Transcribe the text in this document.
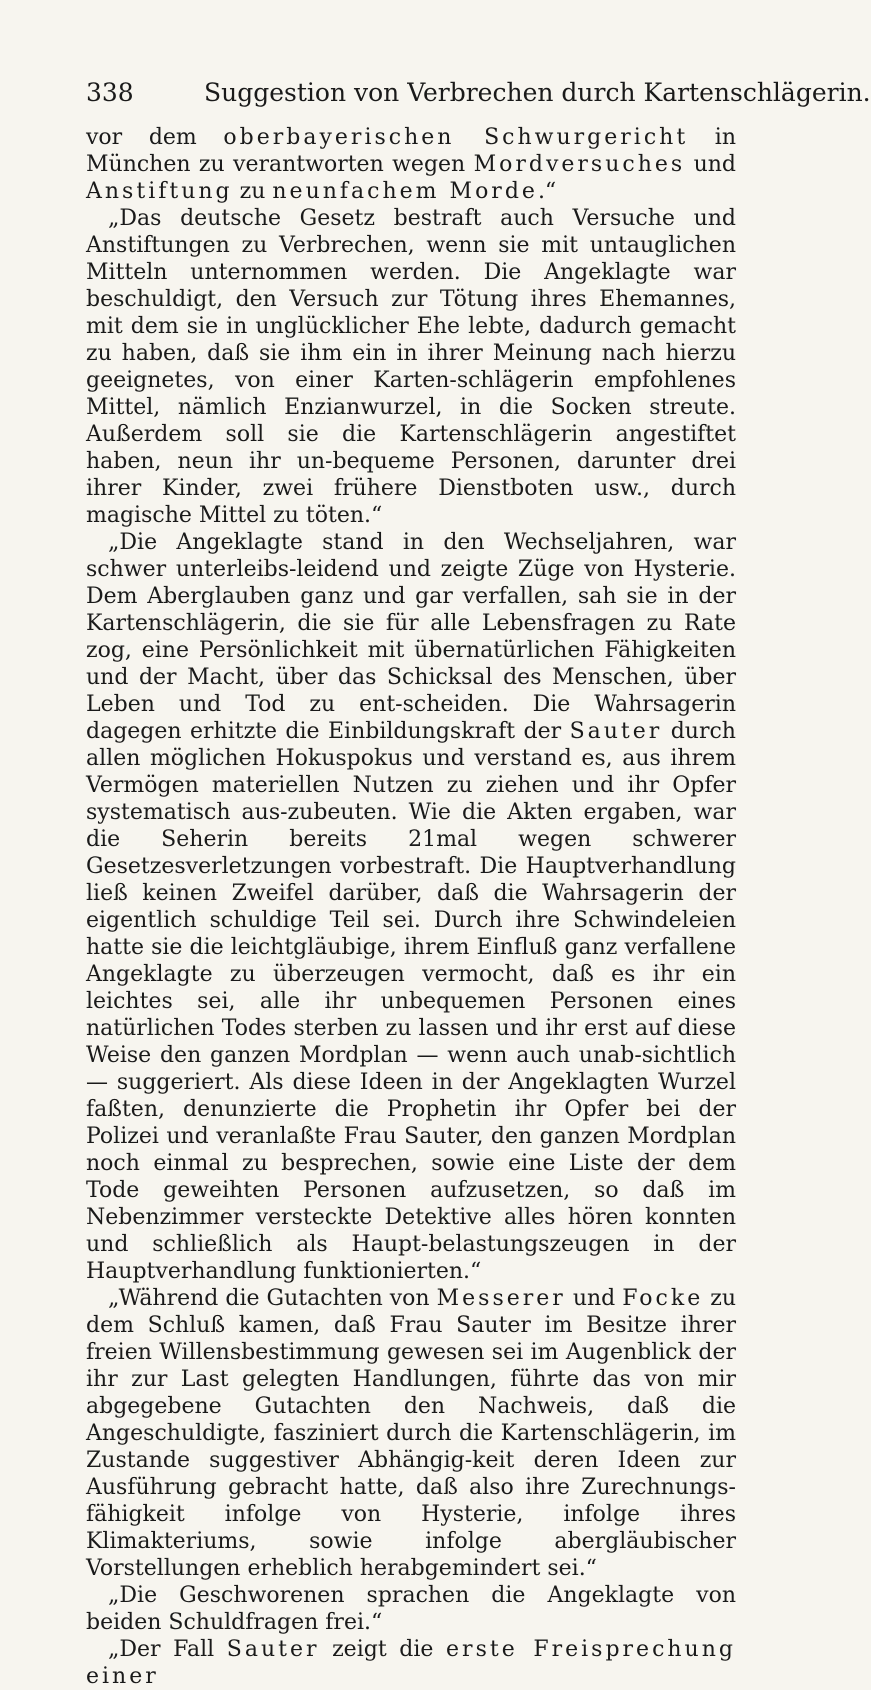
338	Suggestion von Verbrechen durch Kartenschlägerin.

vor dem oberbayerischen Schwurgericht in München zu verantworten wegen Mordversuches und Anstiftung zu neunfachem Morde.“

„Das deutsche Gesetz bestraft auch Versuche und Anstiftungen zu Verbrechen, wenn sie mit untauglichen Mitteln unternommen werden. Die Angeklagte war beschuldigt, den Versuch zur Tötung ihres Ehemannes, mit dem sie in unglücklicher Ehe lebte, dadurch gemacht zu haben, daß sie ihm ein in ihrer Meinung nach hierzu geeignetes, von einer Karten-schlägerin empfohlenes Mittel, nämlich Enzianwurzel, in die Socken streute. Außerdem soll sie die Kartenschlägerin angestiftet haben, neun ihr un-bequeme Personen, darunter drei ihrer Kinder, zwei frühere Dienstboten usw., durch magische Mittel zu töten.“

„Die Angeklagte stand in den Wechseljahren, war schwer unterleibs-leidend und zeigte Züge von Hysterie. Dem Aberglauben ganz und gar verfallen, sah sie in der Kartenschlägerin, die sie für alle Lebensfragen zu Rate zog, eine Persönlichkeit mit übernatürlichen Fähigkeiten und der Macht, über das Schicksal des Menschen, über Leben und Tod zu ent-scheiden. Die Wahrsagerin dagegen erhitzte die Einbildungskraft der Sauter durch allen möglichen Hokuspokus und verstand es, aus ihrem Vermögen materiellen Nutzen zu ziehen und ihr Opfer systematisch aus-zubeuten. Wie die Akten ergaben, war die Seherin bereits 21mal wegen schwerer Gesetzesverletzungen vorbestraft. Die Hauptverhandlung ließ keinen Zweifel darüber, daß die Wahrsagerin der eigentlich schuldige Teil sei. Durch ihre Schwindeleien hatte sie die leichtgläubige, ihrem Einfluß ganz verfallene Angeklagte zu überzeugen vermocht, daß es ihr ein leichtes sei, alle ihr unbequemen Personen eines natürlichen Todes sterben zu lassen und ihr erst auf diese Weise den ganzen Mordplan — wenn auch unab-sichtlich — suggeriert. Als diese Ideen in der Angeklagten Wurzel faßten, denunzierte die Prophetin ihr Opfer bei der Polizei und veranlaßte Frau Sauter, den ganzen Mordplan noch einmal zu besprechen, sowie eine Liste der dem Tode geweihten Personen aufzusetzen, so daß im Nebenzimmer versteckte Detektive alles hören konnten und schließlich als Haupt-belastungszeugen in der Hauptverhandlung funktionierten.“

„Während die Gutachten von Messerer und Focke zu dem Schluß kamen, daß Frau Sauter im Besitze ihrer freien Willensbestimmung gewesen sei im Augenblick der ihr zur Last gelegten Handlungen, führte das von mir abgegebene Gutachten den Nachweis, daß die Angeschuldigte, fasziniert durch die Kartenschlägerin, im Zustande suggestiver Abhängig-keit deren Ideen zur Ausführung gebracht hatte, daß also ihre Zurechnungs-fähigkeit infolge von Hysterie, infolge ihres Klimakteriums, sowie infolge abergläubischer Vorstellungen erheblich herabgemindert sei.“

„Die Geschworenen sprachen die Angeklagte von beiden Schuldfragen frei.“

„Der Fall Sauter zeigt die erste Freisprechung einer
